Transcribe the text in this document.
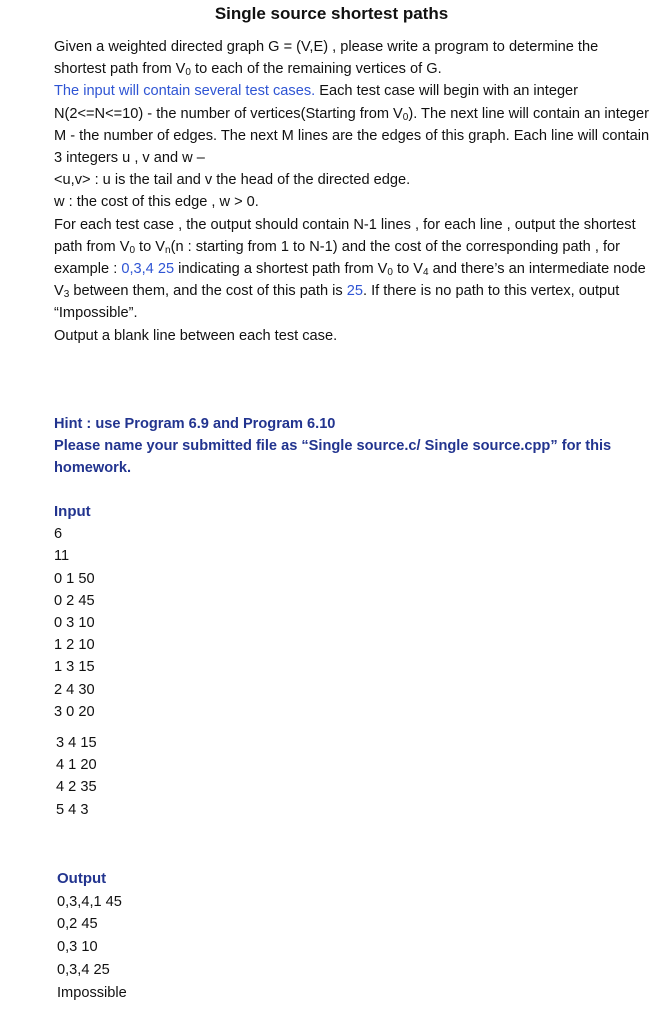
Single source shortest paths

Given a weighted directed graph G = (V,E) , please write a program to determine the shortest path from $V_0$ to each of the remaining vertices of G.

The input will contain several test cases. Each test case will begin with an integer N(2<=N<=10) - the number of vertices(Starting from $V_0$). The next line will contain an integer M - the number of edges. The next M lines are the edges of this graph. Each line will contain 3 integers u , v and w –

<u,v> : u is the tail and v the head of the directed edge.

w : the cost of this edge , w > 0.

For each test case , the output should contain N-1 lines , for each line , output the shortest path from $V_0$ to $V_n(n$ : starting from 1 to N-1) and the cost of the corresponding path , for example : 0,3,4 25 indicating a shortest path from $V_0$ to $V_4$ and there’s an intermediate node $V_3$ between them, and the cost of this path is 25. If there is no path to this vertex, output “Impossible”.

Output a blank line between each test case.

Hint : use Program 6.9 and Program 6.10

Please name your submitted file as “Single source.c/ Single source.cpp” for this homework.

Input

6

11

0 1 50

0 2 45

0 3 10

1 2 10

1 3 15

2 4 30

3 0 20

3 4 15

4 1 20

4 2 35

5 4 3

Output

0,3,4,1 45

0,2 45

0,3 10

0,3,4 25

Impossible
